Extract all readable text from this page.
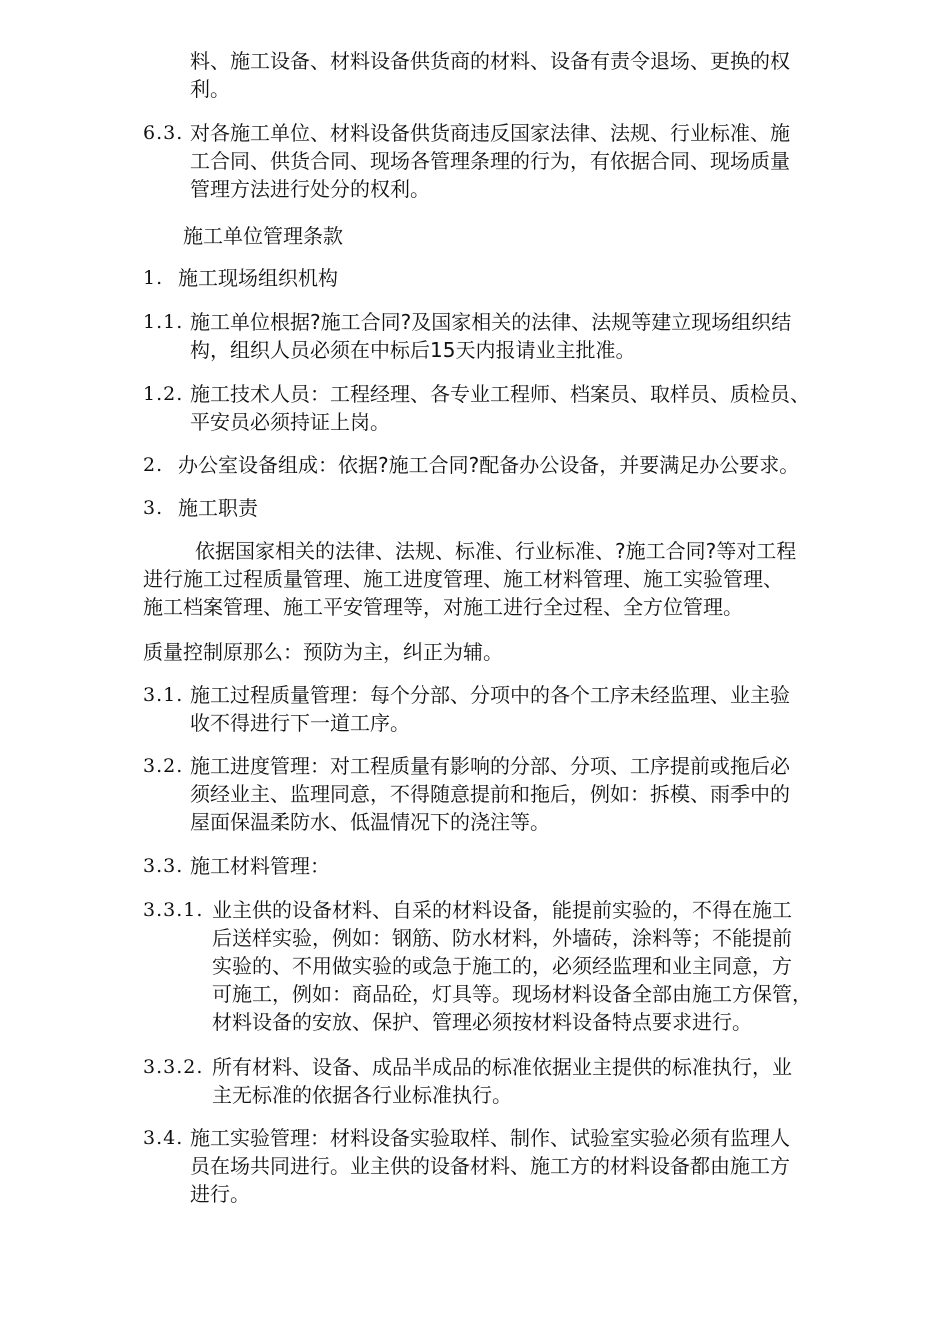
料、施工设备、材料设备供货商的材料、设备有责令退场、更换的权
利。

6.3. 对各施工单位、材料设备供货商违反国家法律、法规、行业标准、施
工合同、供货合同、现场各管理条理的行为，有依据合同、现场质量
管理方法进行处分的权利。

施工单位管理条款

1. 施工现场组织机构
1.1. 施工单位根据?施工合同?及国家相关的法律、法规等建立现场组织结
构，组织人员必须在中标后15天内报请业主批准。
1.2. 施工技术人员：工程经理、各专业工程师、档案员、取样员、质检员、
平安员必须持证上岗。
2. 办公室设备组成：依据?施工合同?配备办公设备，并要满足办公要求。
3. 施工职责

依据国家相关的法律、法规、标准、行业标准、?施工合同?等对工程
进行施工过程质量管理、施工进度管理、施工材料管理、施工实验管理、
施工档案管理、施工平安管理等，对施工进行全过程、全方位管理。

质量控制原那么：预防为主，纠正为辅。

3.1. 施工过程质量管理：每个分部、分项中的各个工序未经监理、业主验
收不得进行下一道工序。
3.2. 施工进度管理：对工程质量有影响的分部、分项、工序提前或拖后必
须经业主、监理同意，不得随意提前和拖后，例如：拆模、雨季中的
屋面保温柔防水、低温情况下的浇注等。
3.3. 施工材料管理：
3.3.1. 业主供的设备材料、自采的材料设备，能提前实验的，不得在施工
后送样实验，例如：钢筋、防水材料，外墙砖，涂料等；不能提前
实验的、不用做实验的或急于施工的，必须经监理和业主同意，方
可施工，例如：商品砼，灯具等。现场材料设备全部由施工方保管，
材料设备的安放、保护、管理必须按材料设备特点要求进行。
3.3.2. 所有材料、设备、成品半成品的标准依据业主提供的标准执行，业
主无标准的依据各行业标准执行。
3.4. 施工实验管理：材料设备实验取样、制作、试验室实验必须有监理人
员在场共同进行。业主供的设备材料、施工方的材料设备都由施工方
进行。
